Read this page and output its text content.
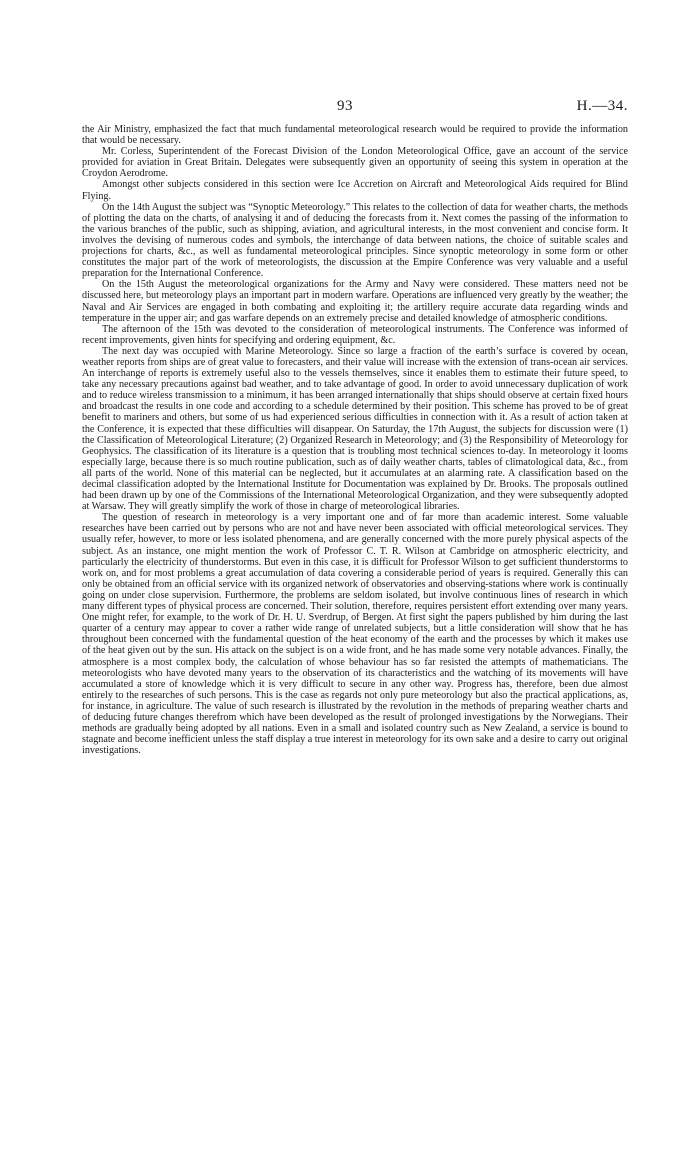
93	H.—34.

the Air Ministry, emphasized the fact that much fundamental meteorological research would be required to provide the information that would be necessary.

Mr. Corless, Superintendent of the Forecast Division of the London Meteorological Office, gave an account of the service provided for aviation in Great Britain. Delegates were subsequently given an opportunity of seeing this system in operation at the Croydon Aerodrome.

Amongst other subjects considered in this section were Ice Accretion on Aircraft and Meteorological Aids required for Blind Flying.

On the 14th August the subject was “Synoptic Meteorology.” This relates to the collection of data for weather charts, the methods of plotting the data on the charts, of analysing it and of deducing the forecasts from it. Next comes the passing of the information to the various branches of the public, such as shipping, aviation, and agricultural interests, in the most convenient and concise form. It involves the devising of numerous codes and symbols, the interchange of data between nations, the choice of suitable scales and projections for charts, &c., as well as fundamental meteorological principles. Since synoptic meteorology in some form or other constitutes the major part of the work of meteorologists, the discussion at the Empire Conference was very valuable and a useful preparation for the International Conference.

On the 15th August the meteorological organizations for the Army and Navy were considered. These matters need not be discussed here, but meteorology plays an important part in modern warfare. Operations are influenced very greatly by the weather; the Naval and Air Services are engaged in both combating and exploiting it; the artillery require accurate data regarding winds and temperature in the upper air; and gas warfare depends on an extremely precise and detailed knowledge of atmospheric conditions.

The afternoon of the 15th was devoted to the consideration of meteorological instruments. The Conference was informed of recent improvements, given hints for specifying and ordering equipment, &c.

The next day was occupied with Marine Meteorology. Since so large a fraction of the earth’s surface is covered by ocean, weather reports from ships are of great value to forecasters, and their value will increase with the extension of trans-ocean air services. An interchange of reports is extremely useful also to the vessels themselves, since it enables them to estimate their future speed, to take any necessary precautions against bad weather, and to take advantage of good. In order to avoid unnecessary duplication of work and to reduce wireless transmission to a minimum, it has been arranged internationally that ships should observe at certain fixed hours and broadcast the results in one code and according to a schedule determined by their position. This scheme has proved to be of great benefit to mariners and others, but some of us had experienced serious difficulties in connection with it. As a result of action taken at the Conference, it is expected that these difficulties will disappear. On Saturday, the 17th August, the subjects for discussion were (1) the Classification of Meteorological Literature; (2) Organized Research in Meteorology; and (3) the Responsibility of Meteorology for Geophysics. The classification of its literature is a question that is troubling most technical sciences to-day. In meteorology it looms especially large, because there is so much routine publication, such as of daily weather charts, tables of climatological data, &c., from all parts of the world. None of this material can be neglected, but it accumulates at an alarming rate. A classification based on the decimal classification adopted by the International Institute for Documentation was explained by Dr. Brooks. The proposals outlined had been drawn up by one of the Commissions of the International Meteorological Organization, and they were subsequently adopted at Warsaw. They will greatly simplify the work of those in charge of meteorological libraries.

The question of research in meteorology is a very important one and of far more than academic interest. Some valuable researches have been carried out by persons who are not and have never been associated with official meteorological services. They usually refer, however, to more or less isolated phenomena, and are generally concerned with the more purely physical aspects of the subject. As an instance, one might mention the work of Professor C. T. R. Wilson at Cambridge on atmospheric electricity, and particularly the electricity of thunderstorms. But even in this case, it is difficult for Professor Wilson to get sufficient thunderstorms to work on, and for most problems a great accumulation of data covering a considerable period of years is required. Generally this can only be obtained from an official service with its organized network of observatories and observing-stations where work is continually going on under close supervision. Furthermore, the problems are seldom isolated, but involve continuous lines of research in which many different types of physical process are concerned. Their solution, therefore, requires persistent effort extending over many years. One might refer, for example, to the work of Dr. H. U. Sverdrup, of Bergen. At first sight the papers published by him during the last quarter of a century may appear to cover a rather wide range of unrelated subjects, but a little consideration will show that he has throughout been concerned with the fundamental question of the heat economy of the earth and the processes by which it makes use of the heat given out by the sun. His attack on the subject is on a wide front, and he has made some very notable advances. Finally, the atmosphere is a most complex body, the calculation of whose behaviour has so far resisted the attempts of mathematicians. The meteorologists who have devoted many years to the observation of its characteristics and the watching of its movements will have accumulated a store of knowledge which it is very difficult to secure in any other way. Progress has, therefore, been due almost entirely to the researches of such persons. This is the case as regards not only pure meteorology but also the practical applications, as, for instance, in agriculture. The value of such research is illustrated by the revolution in the methods of preparing weather charts and of deducing future changes therefrom which have been developed as the result of prolonged investigations by the Norwegians. Their methods are gradually being adopted by all nations. Even in a small and isolated country such as New Zealand, a service is bound to stagnate and become inefficient unless the staff display a true interest in meteorology for its own sake and a desire to carry out original investigations.
